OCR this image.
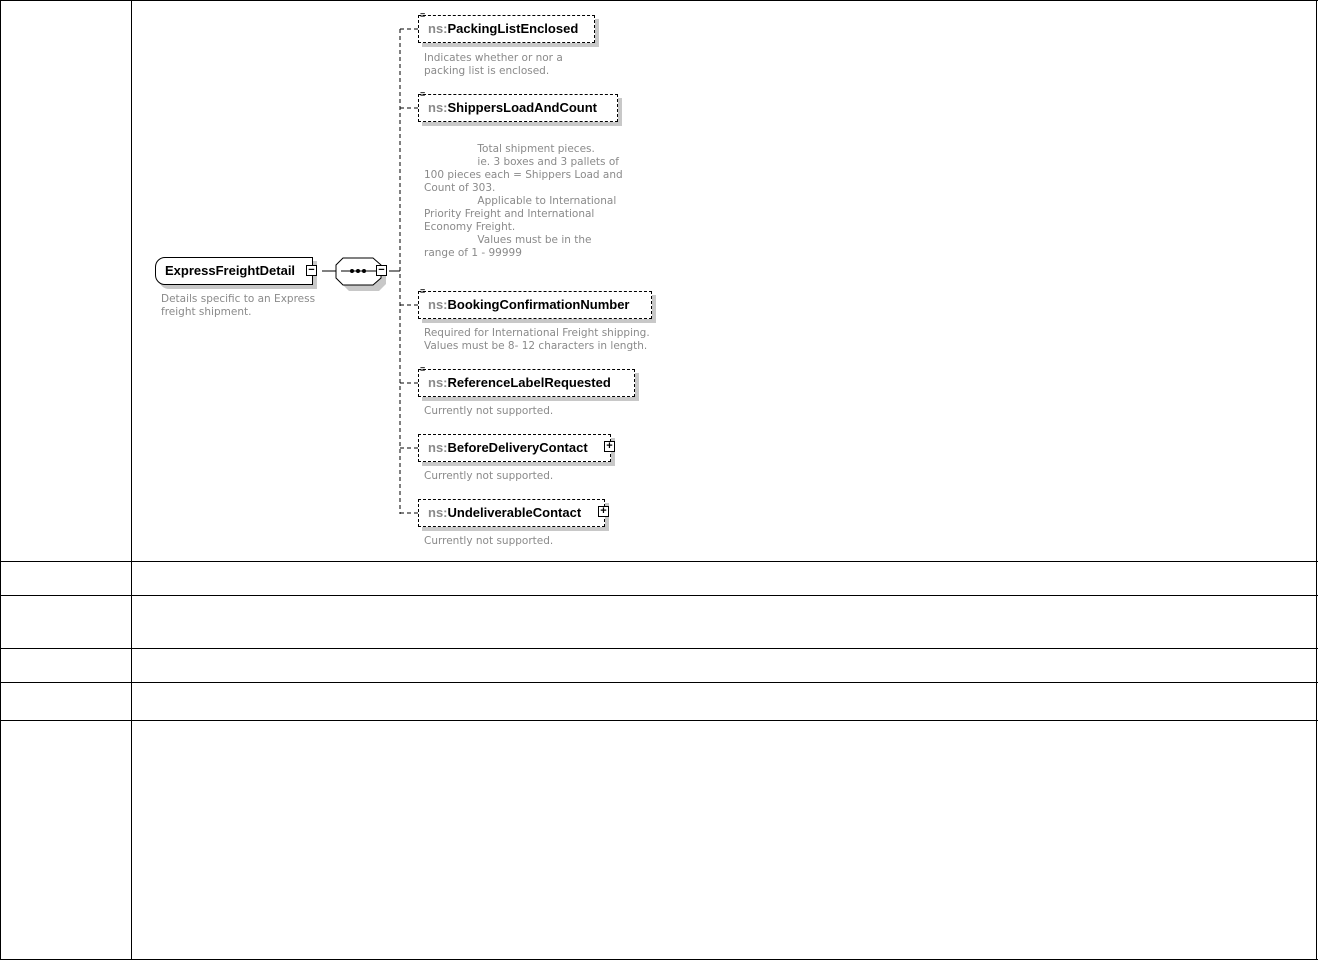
ExpressFreightDetail	−	−
Details specific to an Express
freight shipment.
≡
ns:PackingListEnclosed
Indicates whether or nor a
packing list is enclosed.
≡
ns:ShippersLoadAndCount
Total shipment pieces.
ie. 3 boxes and 3 pallets of
100 pieces each = Shippers Load and
Count of 303.
Applicable to International
Priority Freight and International
Economy Freight.
Values must be in the
range of 1 - 99999
≡
ns:BookingConfirmationNumber
Required for International Freight shipping.
Values must be 8- 12 characters in length.
≡
ns:ReferenceLabelRequested
Currently not supported.
ns:BeforeDeliveryContact	+
Currently not supported.
ns:UndeliverableContact	+
Currently not supported.
